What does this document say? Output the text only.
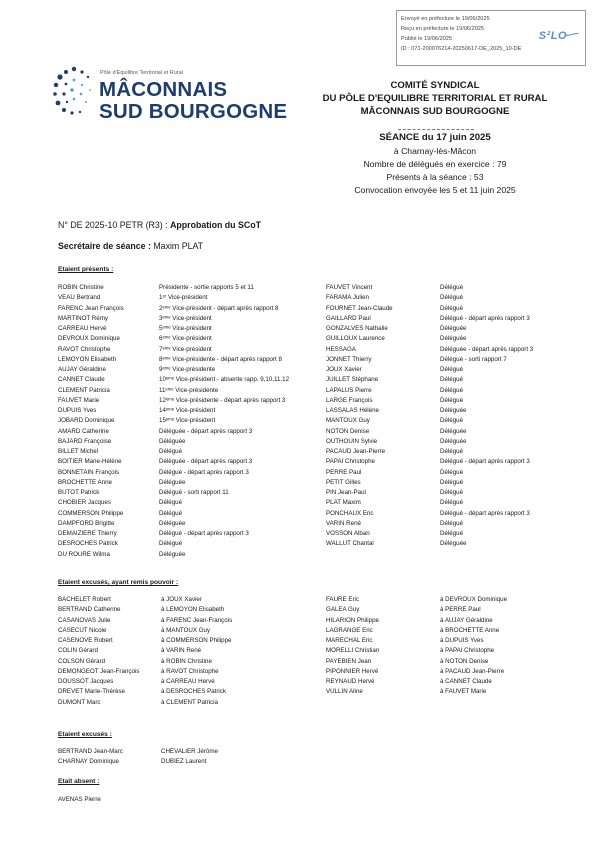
Envoyé en préfecture le 19/06/2025
Reçu en préfecture le 19/06/2025
Publié le 19/06/2025
ID : 071-200076214-20250617-DE_2025_10-DE
S²LO
Pôle d'Equilibre Territorial et Rural
MÂCONNAIS
SUD BOURGOGNE
COMITÉ SYNDICAL
DU PÔLE D'EQUILIBRE TERRITORIAL ET RURAL
MÂCONNAIS SUD BOURGOGNE
SÉANCE du 17 juin 2025
à Charnay-lès-Mâcon
Nombre de délégués en exercice : 79
Présents à la séance : 53
Convocation envoyée les 5 et 11 juin 2025
N° DE 2025-10 PETR (R3) : Approbation du SCoT
Secrétaire de séance : Maxim PLAT
Etaient présents :
ROBIN Christine	Présidente - sortie rapports 5 et 11
VEAU Bertrand	1ᵉʳ Vice-président
FARENC Jean François	2ᵉᵐᵉ Vice-président - départ après rapport 8
MARTINOT Rémy	3ᵉᵐᵉ Vice-président
CARREAU Hervé	5ᵉᵐᵉ Vice-président
DEVROUX Dominique	6ᵉᵐᵉ Vice-président
RAVOT Christophe	7ᵉᵐᵉ Vice-président
LEMOYON Elisabeth	8ᵉᵐᵉ Vice-présidente - départ après rapport 8
AUJAY Géraldine	9ᵉᵐᵉ Vice-présidente
CANNET Claude	10ᵉᵐᵉ Vice-président - absente rapp. 9,10,11,12
CLEMENT Patricia	11ᵉᵐᵉ Vice-présidente
FAUVET Marie	12ᵉᵐᵉ Vice-présidente - départ après rapport 3
DUPUIS Yves	14ᵉᵐᵉ Vice-président
JOBARD Dominique	15ᵉᵐᵉ Vice-président
AMARD Catherine	Déléguée - départ après rapport 3
BAJARD Françoise	Déléguée
BILLET Michel	Délégué
BOITIER Marie-Hélène	Déléguée - départ après rapport 3
BONNETAIN François	Délégué - départ après rapport 3
BROCHETTE Anne	Déléguée
BUTOT Patrick	Délégué - sorti rapport 11
CHOBIER Jacques	Délégué
COMMERSON Philippe	Délégué
DAMPFORD Brigitte	Déléguée
DEMAIZIERE Thierry	Délégué - départ après rapport 3
DESROCHES Patrick	Délégué
DU ROURE Wilma	Déléguée
FAUVET Vincent	Délégué
FARAMA Julien	Délégué
FOURNET Jean-Claude	Délégué
GAILLARD Paul	Délégué - départ après rapport 3
GONZALVES Nathalie	Déléguée
GUILLOUX Laurence	Déléguée
HESSAGA	Déléguée - départ après rapport 3
JONNET Thierry	Délégué - sorti rapport 7
JOUX Xavier	Délégué
JUILLET Stéphane	Délégué
LAPALUS Pierre	Délégué
LARGE François	Délégué
LASSALAS Hélène	Déléguée
MANTOUX Guy	Délégué
NOTON Denise	Déléguée
OUTHOUIN Sylvie	Déléguée
PACAUD Jean-Pierre	Délégué
PAPAI Christophe	Délégué - départ après rapport 3
PERRE Paul	Délégué
PETIT Gilles	Délégué
PIN Jean-Paul	Délégué
PLAT Maxim	Délégué
PONCHAUX Eric	Délégué - départ après rapport 3
VARIN René	Délégué
VOSSON Alban	Délégué
WALLUT Chantal	Déléguée
Etaient excusés, ayant remis pouvoir :
BACHELET Robert	à JOUX Xavier
BERTRAND Catherine	à LEMOYON Elisabeth
CASANOVAS Julie	à FARENC Jean-François
CASECUT Nicole	à MANTOUX Guy
CASENOVE Robert	à COMMERSON Philippe
COLIN Gérard	à VARIN René
COLSON Gérard	à ROBIN Christine
DEMONGEOT Jean-François	à RAVOT Christophe
DOUSSOT Jacques	à CARREAU Hervé
DREVET Marie-Thérèse	à DESROCHES Patrick
DUMONT Marc	à CLEMENT Patricia
FAURE Eric	à DEVROUX Dominique
GALEA Guy	à PERRE Paul
HILARION Philippe	à AUJAY Géraldine
LAGRANGE Eric	à BROCHETTE Anne
MARECHAL Eric	à DUPUIS Yves
MORELLI Christian	à PAPAI Christophe
PAYEBIEN Jean	à NOTON Denise
PIPONNIER Hervé	à PACAUD Jean-Pierre
REYNAUD Hervé	à CANNET Claude
VULLIN Aline	à FAUVET Marie
Etaient excusés :
BERTRAND Jean-Marc	CHEVALIER Jérôme
CHARNAY Dominique	DUBIEZ Laurent
Etait absent :
AVENAS Pierre
